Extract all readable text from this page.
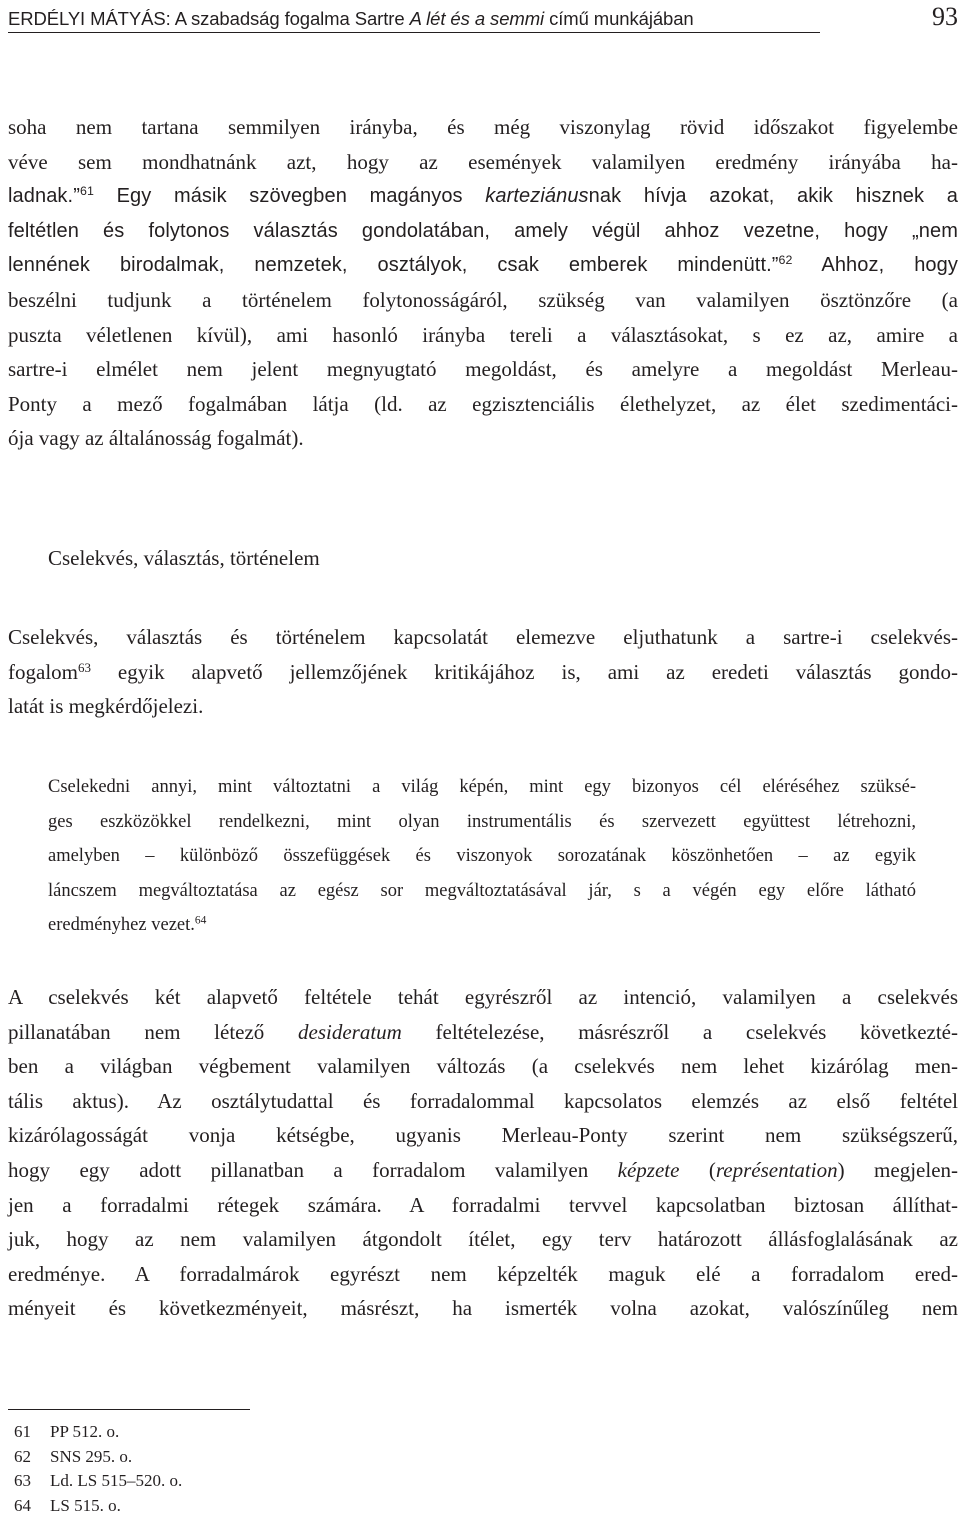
ERDÉLYI MÁTYÁS: A szabadság fogalma Sartre A lét és a semmi című munkájában	93
soha nem tartana semmilyen irányba, és még viszonylag rövid időszakot figyelembe
véve sem mondhatnánk azt, hogy az események valamilyen eredmény irányába ha-
ladnak.”$^{61}$ Egy másik szövegben magányos karteziánusnak hívja azokat, akik hisznek a
feltétlen és folytonos választás gondolatában, amely végül ahhoz vezetne, hogy „nem
lennének birodalmak, nemzetek, osztályok, csak emberek mindenütt.”$^{62}$ Ahhoz, hogy
beszélni tudjunk a történelem folytonosságáról, szükség van valamilyen ösztönzőre (a
puszta véletlenen kívül), ami hasonló irányba tereli a választásokat, s ez az, amire a
sartre-i elmélet nem jelent megnyugtató megoldást, és amelyre a megoldást Merleau-
Ponty a mező fogalmában látja (ld. az egzisztenciális élethelyzet, az élet szedimentáci-
ója vagy az általánosság fogalmát).
Cselekvés, választás, történelem
Cselekvés, választás és történelem kapcsolatát elemezve eljuthatunk a sartre-i cselekvés-
fogalom$^{63}$ egyik alapvető jellemzőjének kritikájához is, ami az eredeti választás gondo-
latát is megkérdőjelezi.
Cselekedni annyi, mint változtatni a világ képén, mint egy bizonyos cél eléréséhez szüksé-
ges eszközökkel rendelkezni, mint olyan instrumentális és szervezett együttest létrehozni,
amelyben – különböző összefüggések és viszonyok sorozatának köszönhetően – az egyik
láncszem megváltoztatása az egész sor megváltoztatásával jár, s a végén egy előre látható
eredményhez vezet.$^{64}$
A cselekvés két alapvető feltétele tehát egyrészről az intenció, valamilyen a cselekvés
pillanatában nem létező desideratum feltételezése, másrészről a cselekvés következté-
ben a világban végbement valamilyen változás (a cselekvés nem lehet kizárólag men-
tális aktus). Az osztálytudattal és forradalommal kapcsolatos elemzés az első feltétel
kizárólagosságát vonja kétségbe, ugyanis Merleau-Ponty szerint nem szükségszerű,
hogy egy adott pillanatban a forradalom valamilyen képzete (représentation) megjelen-
jen a forradalmi rétegek számára. A forradalmi tervvel kapcsolatban biztosan állíthat-
juk, hogy az nem valamilyen átgondolt ítélet, egy terv határozott állásfoglalásának az
eredménye. A forradalmárok egyrészt nem képzelték maguk elé a forradalom ered-
ményeit és következményeit, másrészt, ha ismerték volna azokat, valószínűleg nem
61 PP 512. o.
62 SNS 295. o.
63 Ld. LS 515–520. o.
64 LS 515. o.
